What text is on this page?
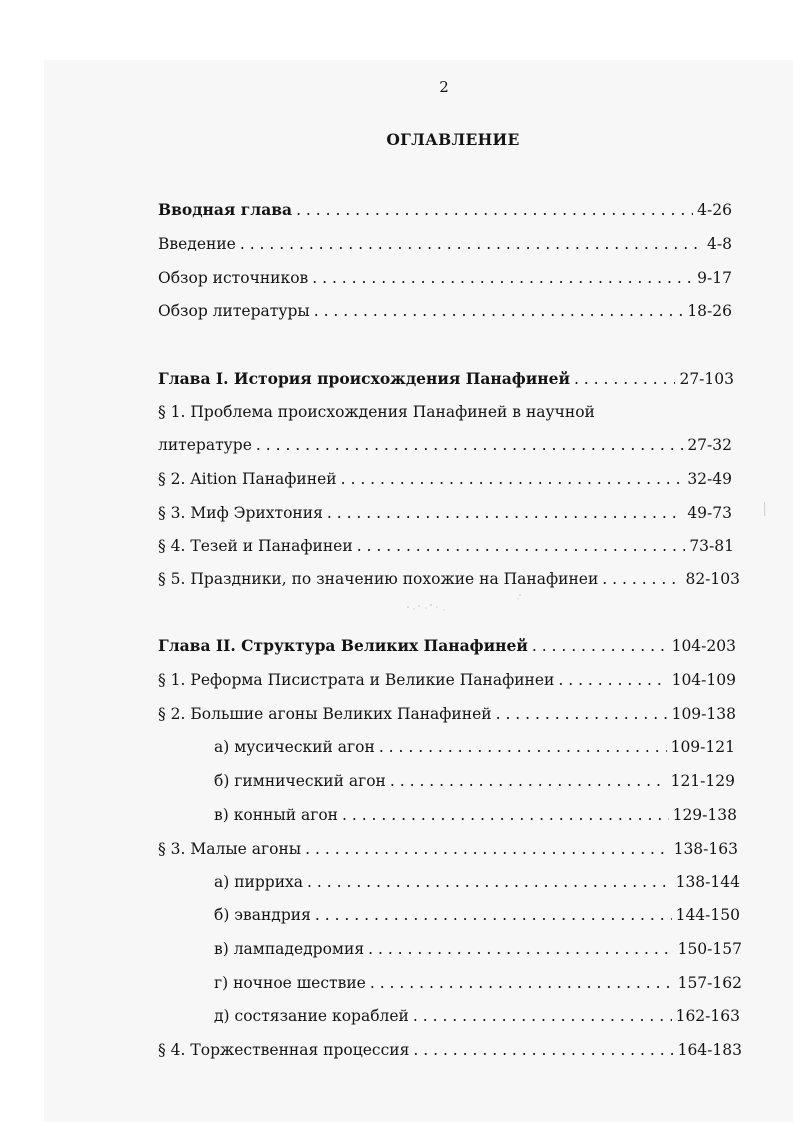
2
ОГЛАВЛЕНИЕ
Вводная глава . . .	4-26
Введение . . .	4-8
Обзор источников . . .	9-17
Обзор литературы . . .	18-26
Глава I. История происхождения Панафиней . . .	27-103
§ 1. Проблема происхождения Панафиней в научной
литературе . . .	27-32
§ 2. Aition Панафиней . . .	32-49
§ 3. Миф Эрихтония . . .	49-73
§ 4. Тезей и Панафинеи . . .	73-81
§ 5. Праздники, по значению похожие на Панафинеи . . .	82-103
Глава II. Структура Великих Панафиней . . .	104-203
§ 1. Реформа Писистрата и Великие Панафинеи . . .	104-109
§ 2. Большие агоны Великих Панафиней . . .	109-138
а) мусический агон . . .	109-121
б) гимнический агон . . .	121-129
в) конный агон . . .	129-138
§ 3. Малые агоны . . .	138-163
а) пирриха . . .	138-144
б) эвандрия . . .	144-150
в) лампадедромия . . .	150-157
г) ночное шествие . . .	157-162
д) состязание кораблей . . .	162-163
§ 4. Торжественная процессия . . .	164-183
